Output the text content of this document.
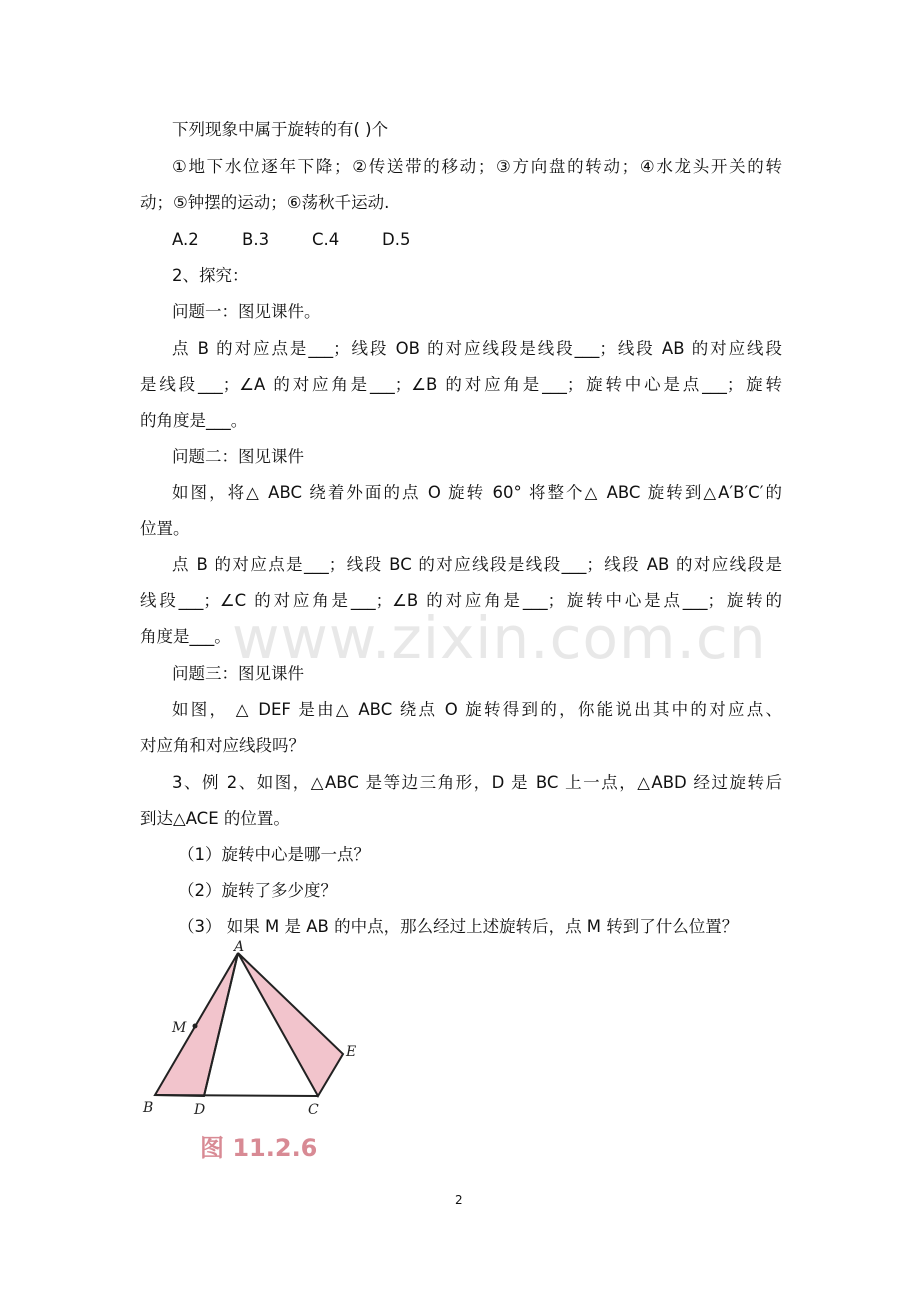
www.zixin.com.cn
下列现象中属于旋转的有( )个
①地下水位逐年下降；②传送带的移动；③方向盘的转动；④水龙头开关的转
动；⑤钟摆的运动；⑥荡秋千运动.
A.2	B.3	C.4	D.5
2、探究：
问题一：图见课件。
点 B 的对应点是___；线段 OB 的对应线段是线段___；线段 AB 的对应线段
是线段___；∠A 的对应角是___；∠B 的对应角是___；旋转中心是点___；旋转
的角度是___。
问题二：图见课件
如图，将△ ABC 绕着外面的点 O 旋转 60° 将整个△ ABC 旋转到△A′B′C′的
位置。
点 B 的对应点是___；线段 BC 的对应线段是线段___；线段 AB 的对应线段是
线段___；∠C 的对应角是___；∠B 的对应角是___；旋转中心是点___；旋转的
角度是___。
问题三：图见课件
如图， △ DEF 是由△ ABC 绕点 O 旋转得到的，你能说出其中的对应点、
对应角和对应线段吗？
3、例 2、如图，△ABC 是等边三角形，D 是 BC 上一点，△ABD 经过旋转后
到达△ACE 的位置。
（1）旋转中心是哪一点？
（2）旋转了多少度？
（3） 如果 M 是 AB 的中点，那么经过上述旋转后，点 M 转到了什么位置？
A
M
E
B	D	C
图 11.2.6
2
